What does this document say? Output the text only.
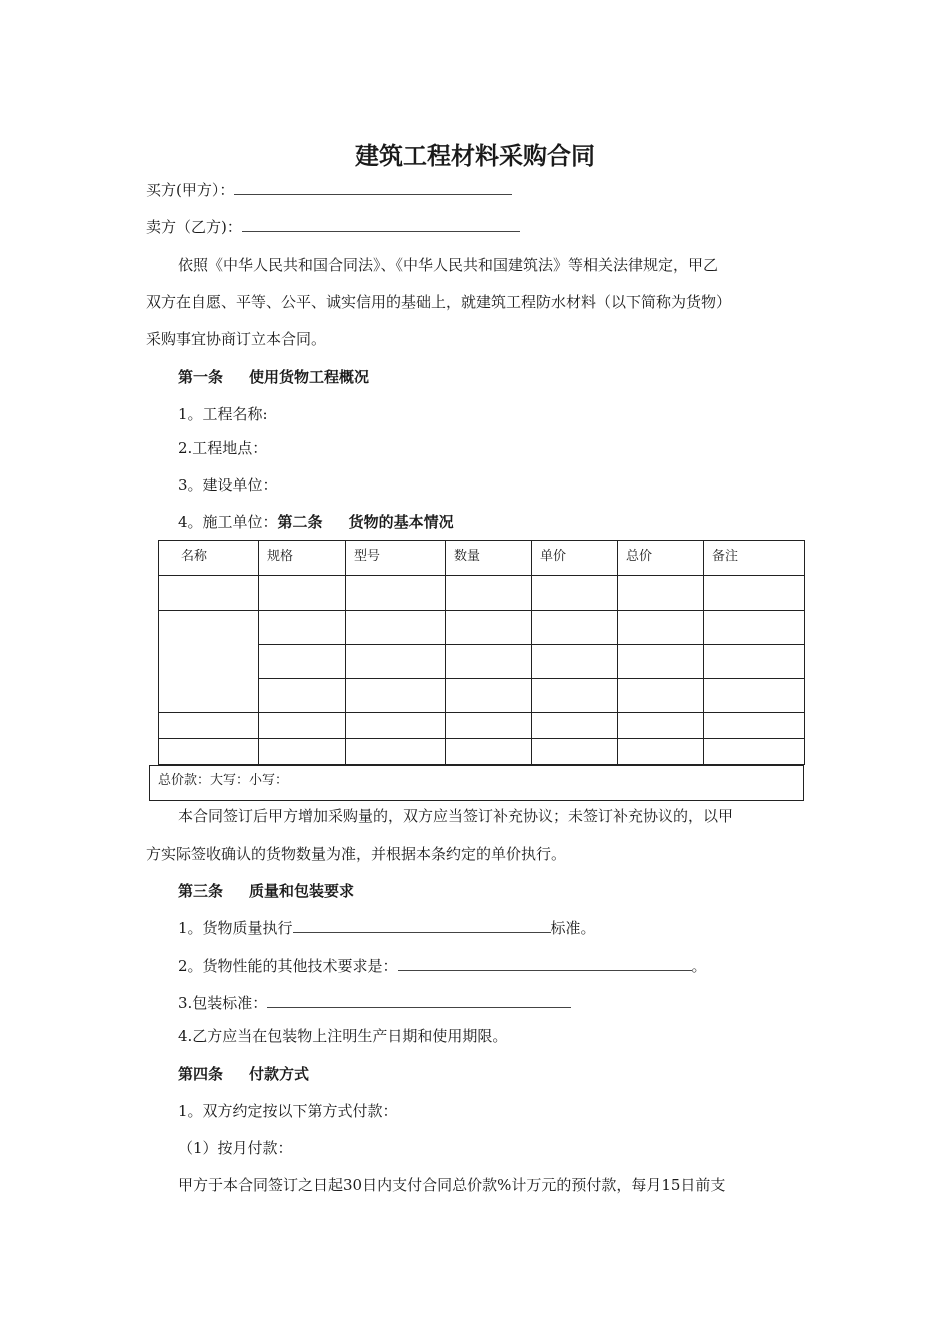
建筑工程材料采购合同
买方(甲方）：
卖方（乙方)：
依照《中华人民共和国合同法》、《中华人民共和国建筑法》等相关法律规定，甲乙
双方在自愿、平等、公平、诚实信用的基础上，就建筑工程防水材料（以下简称为货物）
采购事宜协商订立本合同。
第一条 使用货物工程概况
1。工程名称:
2.工程地点：
3。建设单位：
4。施工单位：第二条 货物的基本情况
名称	规格	型号	数量	单价	总价	备注

总价款：大写：小写：
本合同签订后甲方增加采购量的，双方应当签订补充协议；未签订补充协议的，以甲
方实际签收确认的货物数量为准，并根据本条约定的单价执行。
第三条 质量和包装要求
1。货物质量执行	标准。
2。货物性能的其他技术要求是：	。
3.包装标准：
4.乙方应当在包装物上注明生产日期和使用期限。
第四条 付款方式
1。双方约定按以下第方式付款：
（1）按月付款：
甲方于本合同签订之日起30日内支付合同总价款%计万元的预付款，每月15日前支
